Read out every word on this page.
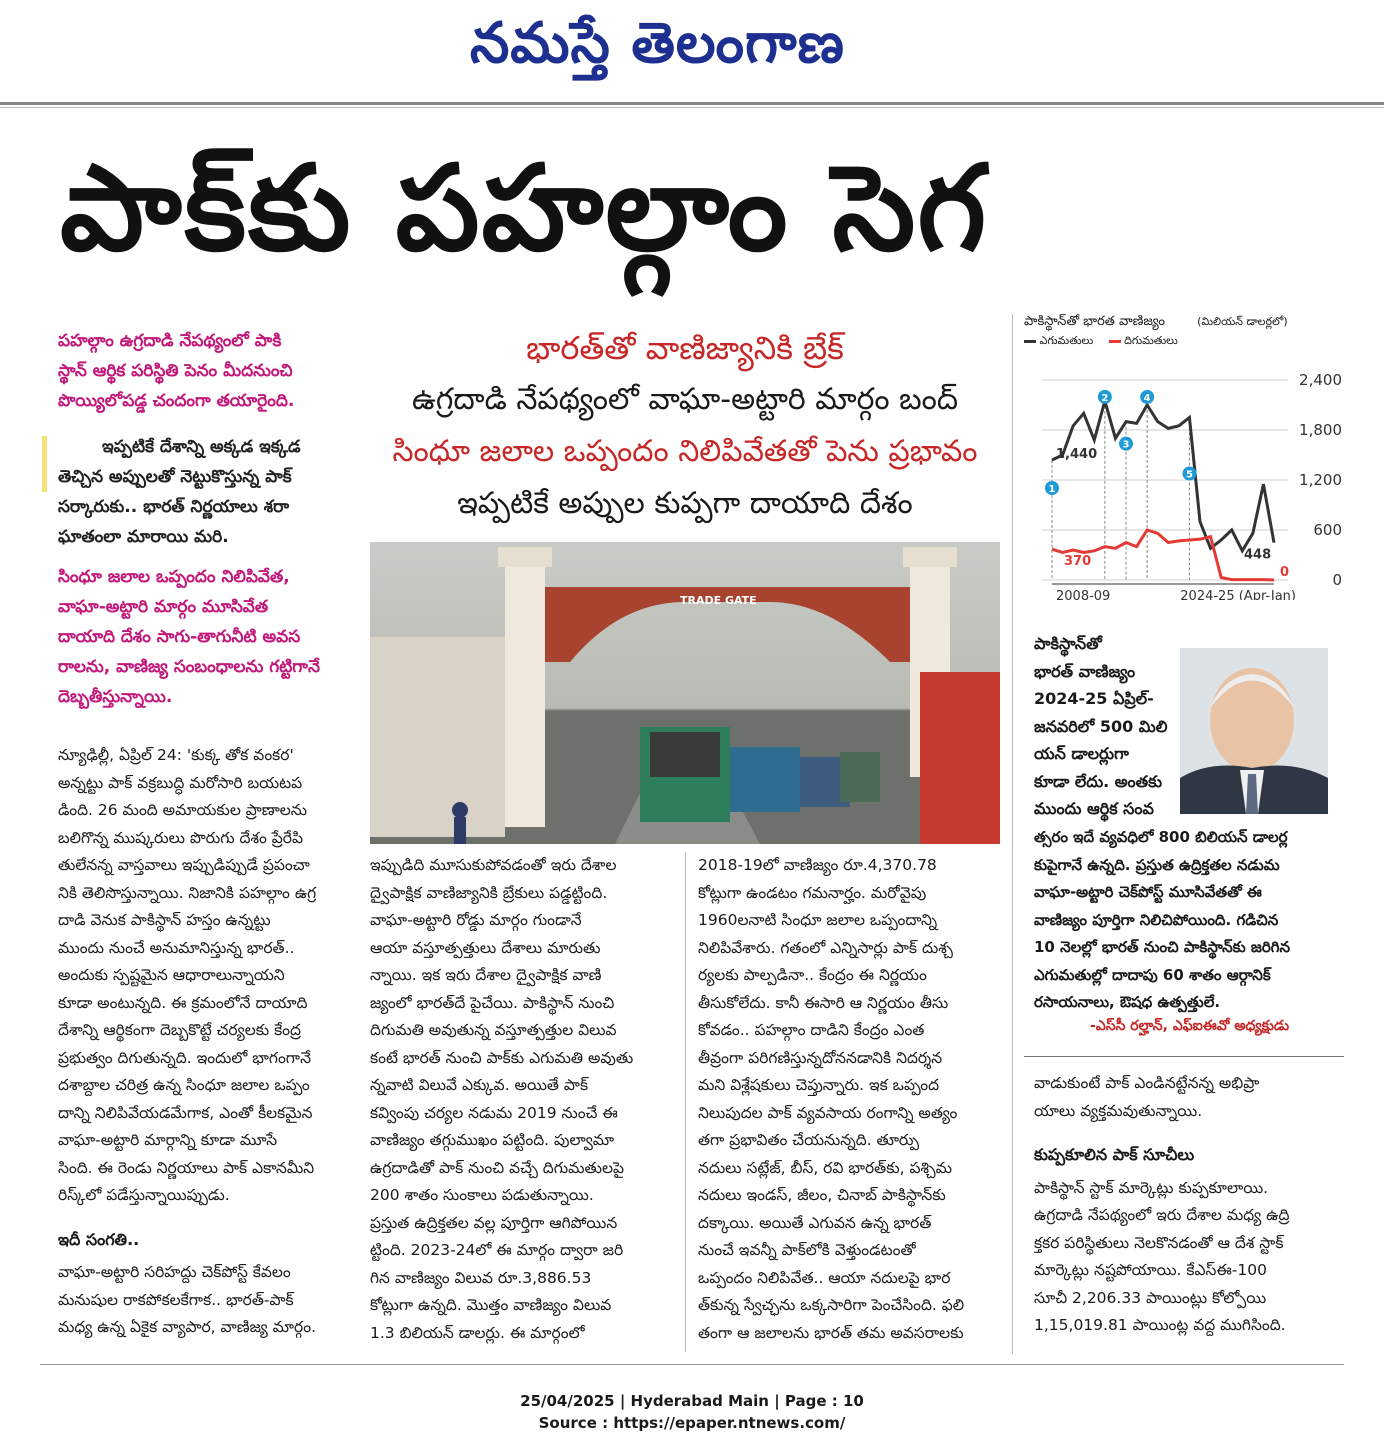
నమస్తే తెలంగాణ
పాక్‌కు పహల్గాం సెగ
పహల్గాం ఉగ్రదాడి నేపథ్యంలో పాకి
స్థాన్ ఆర్థిక పరిస్థితి పెనం మీదనుంచి
పొయ్యిలోపడ్డ చందంగా తయారైంది.
ఇప్పటికే దేశాన్ని అక్కడ ఇక్కడ
తెచ్చిన అప్పులతో నెట్టుకొస్తున్న పాక్
సర్కారుకు.. భారత్ నిర్ణయాలు శరా
ఘాతంలా మారాయి మరి.
సింధూ జలాల ఒప్పందం నిలిపివేత,
వాఘా-అట్టారి మార్గం మూసివేత
దాయాది దేశం సాగు-తాగునీటి అవస
రాలను, వాణిజ్య సంబంధాలను గట్టిగానే
దెబ్బతీస్తున్నాయి.
భారత్‌తో వాణిజ్యానికి బ్రేక్
ఉగ్రదాడి నేపథ్యంలో వాఘా-అట్టారి మార్గం బంద్
సింధూ జలాల ఒప్పందం నిలిపివేతతో పెను ప్రభావం
ఇప్పటికే అప్పుల కుప్పగా దాయాది దేశం
TRADE GATE
పాకిస్థాన్‌తో భారత వాణిజ్యం	(మిలియన్ డాలర్లలో)
ఎగుమతులు	దిగుమతులు
2,400
1,800
1,200
600
0
1,440
370	448
0
1
2
3
4
5
2008-09	2024-25 (Apr-Jan)
పాకిస్థాన్‌తో
భారత్ వాణిజ్యం
2024-25 ఏప్రిల్-
జనవరిలో 500 మిలి
యన్ డాలర్లుగా
కూడా లేదు. అంతకు
ముందు ఆర్థిక సంవ
త్సరం ఇదే వ్యవధిలో 800 బిలియన్ డాలర్ల
కుపైగానే ఉన్నది. ప్రస్తుత ఉద్రిక్తతల నడుమ
వాఘా-అట్టారి చెక్‌పోస్ట్ మూసివేతతో ఈ
వాణిజ్యం పూర్తిగా నిలిచిపోయింది. గడిచిన
10 నెలల్లో భారత్ నుంచి పాకిస్థాన్‌కు జరిగిన
ఎగుమతుల్లో దాదాపు 60 శాతం ఆర్గానిక్
రసాయనాలు, ఔషధ ఉత్పత్తులే.
-ఎస్‌సీ రల్హాన్, ఎఫ్ఐఈవో అధ్యక్షుడు
న్యూఢిల్లీ, ఏప్రిల్ 24: 'కుక్క తోక వంకర'
అన్నట్టు పాక్ వక్రబుద్ధి మరోసారి బయటప
డింది. 26 మంది అమాయకుల ప్రాణాలను
బలిగొన్న ముష్కరులు పొరుగు దేశం ప్రేరేపి
తులేనన్న వాస్తవాలు ఇప్పుడిప్పుడే ప్రపంచా
నికి తెలిసొస్తున్నాయి. నిజానికి పహల్గాం ఉగ్ర
దాడి వెనుక పాకిస్థాన్ హస్తం ఉన్నట్టు
ముందు నుంచే అనుమానిస్తున్న భారత్..
అందుకు స్పష్టమైన ఆధారాలున్నాయని
కూడా అంటున్నది. ఈ క్రమంలోనే దాయాది
దేశాన్ని ఆర్థికంగా దెబ్బకొట్టే చర్యలకు కేంద్ర
ప్రభుత్వం దిగుతున్నది. ఇందులో భాగంగానే
దశాబ్దాల చరిత్ర ఉన్న సింధూ జలాల ఒప్పం
దాన్ని నిలిపివేయడమేగాక, ఎంతో కీలకమైన
వాఘా-అట్టారి మార్గాన్ని కూడా మూసే
సింది. ఈ రెండు నిర్ణయాలు పాక్ ఎకానమీని
రిస్క్‌లో పడేస్తున్నాయిప్పుడు.
ఇదీ సంగతి..
వాఘా-అట్టారి సరిహద్దు చెక్‌పోస్ట్ కేవలం
మనుషుల రాకపోకలకేగాక.. భారత్-పాక్
మధ్య ఉన్న ఏకైక వ్యాపార, వాణిజ్య మార్గం.
ఇప్పుడిది మూసుకుపోవడంతో ఇరు దేశాల
ద్వైపాక్షిక వాణిజ్యానికి బ్రేకులు పడ్డట్టింది.
వాఘా-అట్టారి రోడ్డు మార్గం గుండానే
ఆయా వస్తూత్పత్తులు దేశాలు మారుతు
న్నాయి. ఇక ఇరు దేశాల ద్వైపాక్షిక వాణి
జ్యంలో భారత్‌దే పైచేయి. పాకిస్థాన్ నుంచి
దిగుమతి అవుతున్న వస్తూత్పత్తుల విలువ
కంటే భారత్ నుంచి పాక్‌కు ఎగుమతి అవుతు
న్నవాటి విలువే ఎక్కువ. అయితే పాక్
కవ్వింపు చర్యల నడుమ 2019 నుంచే ఈ
వాణిజ్యం తగ్గుముఖం పట్టింది. పుల్వామా
ఉగ్రదాడితో పాక్ నుంచి వచ్చే దిగుమతులపై
200 శాతం సుంకాలు పడుతున్నాయి.
ప్రస్తుత ఉద్రిక్తతల వల్ల పూర్తిగా ఆగిపోయిన
ట్టింది. 2023-24లో ఈ మార్గం ద్వారా జరి
గిన వాణిజ్యం విలువ రూ.3,886.53
కోట్లుగా ఉన్నది. మొత్తం వాణిజ్యం విలువ
1.3 బిలియన్ డాలర్లు. ఈ మార్గంలో
2018-19లో వాణిజ్యం రూ.4,370.78
కోట్లుగా ఉండటం గమనార్హం. మరోవైపు
1960లనాటి సింధూ జలాల ఒప్పందాన్ని
నిలిపివేశారు. గతంలో ఎన్నిసార్లు పాక్ దుశ్చ
ర్యలకు పాల్పడినా.. కేంద్రం ఈ నిర్ణయం
తీసుకోలేదు. కానీ ఈసారి ఆ నిర్ణయం తీసు
కోవడం.. పహల్గాం దాడిని కేంద్రం ఎంత
తీవ్రంగా పరిగణిస్తున్నదోననడానికి నిదర్శన
మని విశ్లేషకులు చెప్తున్నారు. ఇక ఒప్పంద
నిలుపుదల పాక్ వ్యవసాయ రంగాన్ని అత్యం
తగా ప్రభావితం చేయనున్నది. తూర్పు
నదులు సట్లేజ్, బీస్, రవి భారత్‌కు, పశ్చిమ
నదులు ఇండస్, జీలం, చినాబ్ పాకిస్థాన్‌కు
దక్కాయి. అయితే ఎగువన ఉన్న భారత్
నుంచే ఇవన్నీ పాక్‌లోకి వెళ్తుండటంతో
ఒప్పందం నిలిపివేత.. ఆయా నదులపై భార
త్‌కున్న స్వేచ్ఛను ఒక్కసారిగా పెంచేసింది. ఫలి
తంగా ఆ జలాలను భారత్ తమ అవసరాలకు
వాడుకుంటే పాక్ ఎండినట్టేనన్న అభిప్రా
యాలు వ్యక్తమవుతున్నాయి.
కుప్పకూలిన పాక్ సూచీలు
పాకిస్థాన్ స్టాక్ మార్కెట్లు కుప్పకూలాయి.
ఉగ్రదాడి నేపథ్యంలో ఇరు దేశాల మధ్య ఉద్రి
క్తకర పరిస్థితులు నెలకొనడంతో ఆ దేశ స్టాక్
మార్కెట్లు నష్టపోయాయి. కేఎస్ఈ-100
సూచీ 2,206.33 పాయింట్లు కోల్పోయి
1,15,019.81 పాయింట్ల వద్ద ముగిసింది.
25/04/2025 | Hyderabad Main | Page : 10
Source : https://epaper.ntnews.com/
